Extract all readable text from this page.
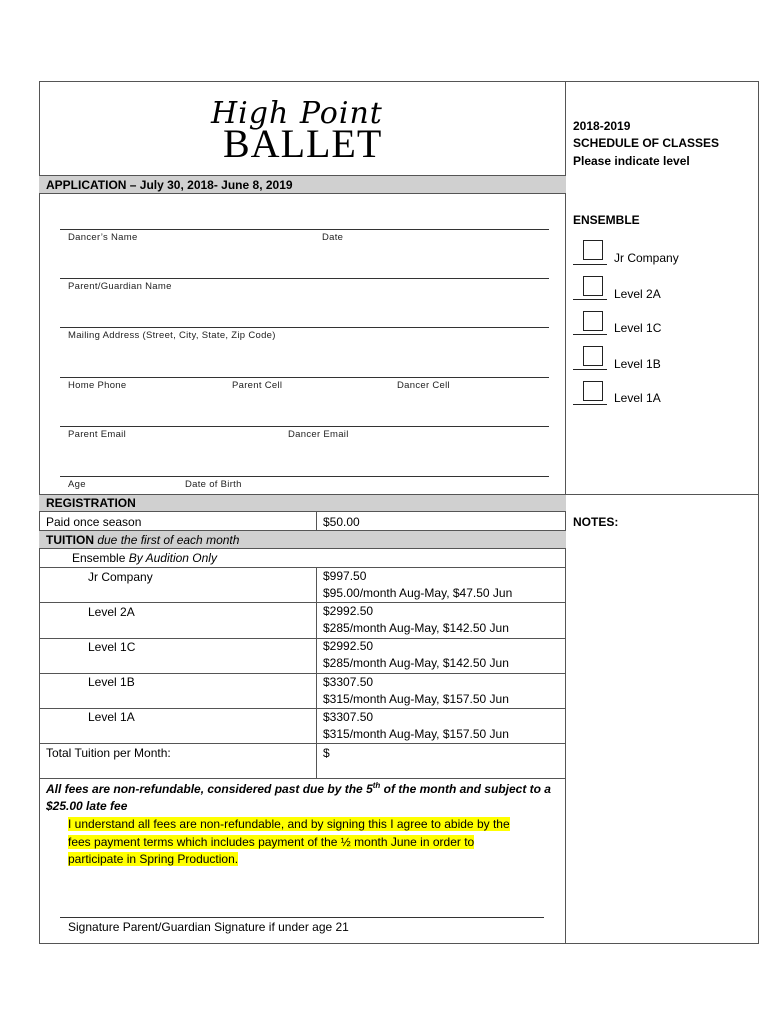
High Point
BALLET	2018-2019
SCHEDULE OF CLASSES
Please indicate level
ENSEMBLE
Jr Company
Level 2A
Level 1C
Level 1B
Level 1A
NOTES:
APPLICATION – July 30, 2018- June 8, 2019
Dancer’s Name	Date
Parent/Guardian Name
Mailing Address (Street, City, State, Zip Code)
Home Phone	Parent Cell	Dancer Cell
Parent Email	Dancer Email
Age	Date of Birth
REGISTRATION
Paid once season	$50.00
TUITION due the first of each month
Ensemble By Audition Only
Jr Company	$997.50
$95.00/month Aug-May, $47.50 Jun
Level 2A	$2992.50
$285/month Aug-May, $142.50 Jun
Level 1C	$2992.50
$285/month Aug-May, $142.50 Jun
Level 1B	$3307.50
$315/month Aug-May, $157.50 Jun
Level 1A	$3307.50
$315/month Aug-May, $157.50 Jun
Total Tuition per Month:	$
All fees are non-refundable, considered past due by the 5th of the month and subject to a
$25.00 late fee
I understand all fees are non-refundable, and by signing this I agree to abide by the
fees payment terms which includes payment of the ½ month June in order to
participate in Spring Production.
Signature Parent/Guardian Signature if under age 21
